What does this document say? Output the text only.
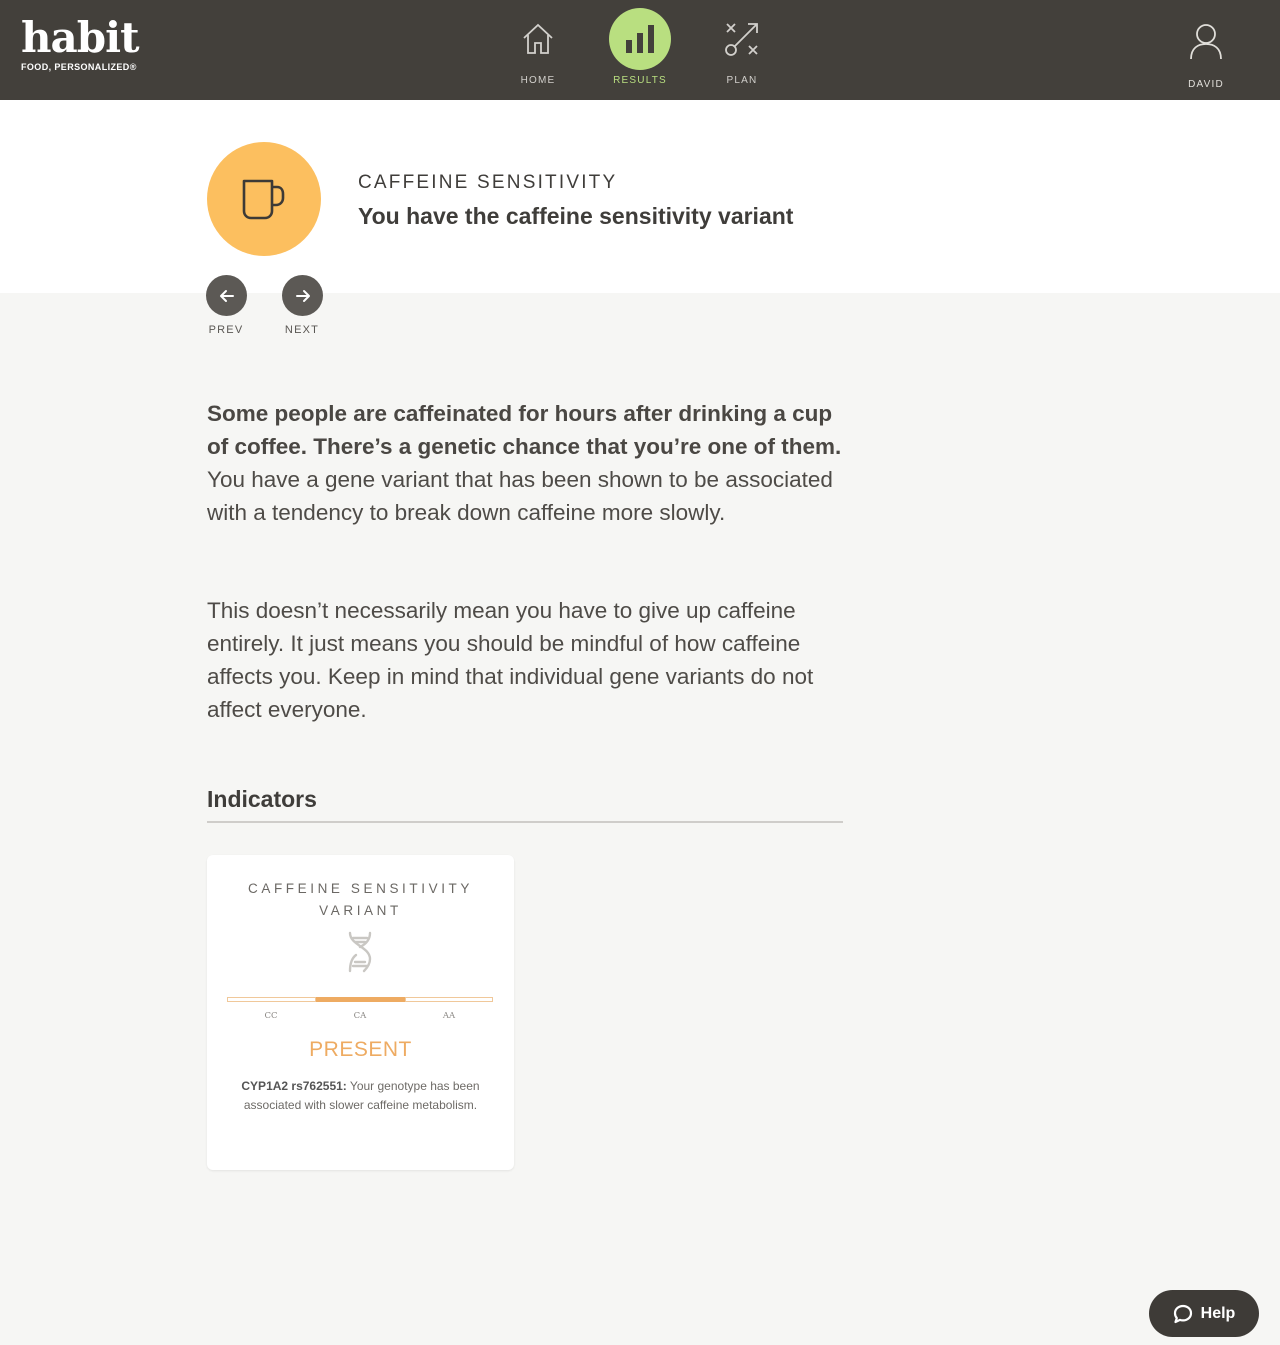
habit
FOOD, PERSONALIZED®
HOME	RESULTS	PLAN	DAVID
CAFFEINE SENSITIVITY
You have the caffeine sensitivity variant
PREV	NEXT

Some people are caffeinated for hours after drinking a cup of coffee. There’s a genetic chance that you’re one of them. You have a gene variant that has been shown to be associated with a tendency to break down caffeine more slowly.

This doesn’t necessarily mean you have to give up caffeine entirely. It just means you should be mindful of how caffeine affects you. Keep in mind that individual gene variants do not affect everyone.

Indicators
CAFFEINE SENSITIVITY
VARIANT
CC	CA	AA
PRESENT
CYP1A2 rs762551: Your genotype has been associated with slower caffeine metabolism.
Help
